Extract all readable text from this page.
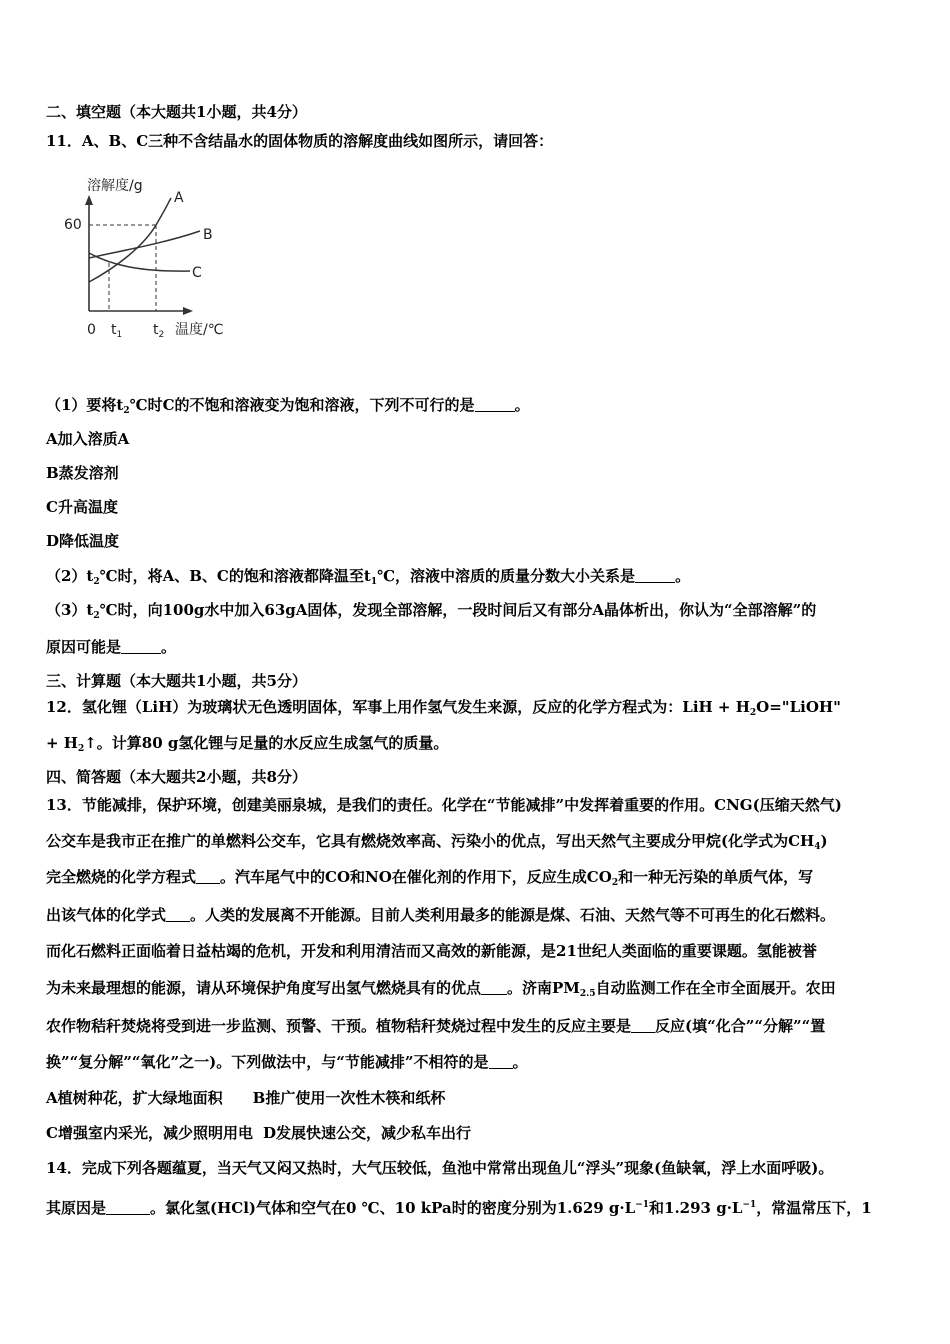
二、填空题（本大题共1小题，共4分）
11．A、B、C三种不含结晶水的固体物质的溶解度曲线如图所示，请回答：
溶解度/g
A
B
C
60
0 $t_1$ $t_2$ 温度/℃
（1）要将$t_2℃$时C的不饱和溶液变为饱和溶液，下列不可行的是	。
A加入溶质A
B蒸发溶剂
C升高温度
D降低温度
$(2)t_2℃$时，将A、B、C的饱和溶液都降温至$t_1℃$，溶液中溶质的质量分数大小关系是	。
$(3)t_2℃$时，向100g水中加入63gA固体，发现全部溶解，一段时间后又有部分A晶体析出，你认为“全部溶解”的
原因可能是	。
三、计算题（本大题共1小题，共5分）
12．氢化锂（LiH）为玻璃状无色透明固体，军事上用作氢气发生来源，反应的化学方程式为：LiH + $H_2O="LiOH$"
+ $H_2↑$。计算80 g氢化锂与足量的水反应生成氢气的质量。
四、简答题（本大题共2小题，共8分）
13．节能减排，保护环境，创建美丽泉城，是我们的责任。化学在“节能减排”中发挥着重要的作用。CNG(压缩天然气)
公交车是我市正在推广的单燃料公交车，它具有燃烧效率高、污染小的优点，写出天然气主要成分甲烷(化学式为$CH_4$)
完全燃烧的化学方程式 。汽车尾气中的CO和NO在催化剂的作用下，反应生成$CO_2$和一种无污染的单质气体，写
出该气体的化学式 。人类的发展离不开能源。目前人类利用最多的能源是煤、石油、天然气等不可再生的化石燃料。
而化石燃料正面临着日益枯竭的危机，开发和利用清洁而又高效的新能源，是21世纪人类面临的重要课题。氢能被誉
为未来最理想的能源，请从环境保护角度写出氢气燃烧具有的优点 。济南$PM_{2.5}$自动监测工作在全市全面展开。农田
农作物秸秆焚烧将受到进一步监测、预警、干预。植物秸秆焚烧过程中发生的反应主要是 反应(填“化合”“分解”“置
换”“复分解”“氧化”之一)。下列做法中，与“节能减排”不相符的是 。
A植树种花，扩大绿地面积 B推广使用一次性木筷和纸杯
C增强室内采光，减少照明用电 D发展快速公交，减少私车出行
14．完成下列各题蕴夏，当天气又闷又热时，大气压较低，鱼池中常常出现鱼儿“浮头”现象(鱼缺氧，浮上水面呼吸)。
其原因是	。氯化氢(HCl)气体和空气在0 ℃、10 kPa时的密度分别为1.629 $g\cdot L^{-1}$和1.293 $g\cdot L^{-1}$，常温常压下，1
